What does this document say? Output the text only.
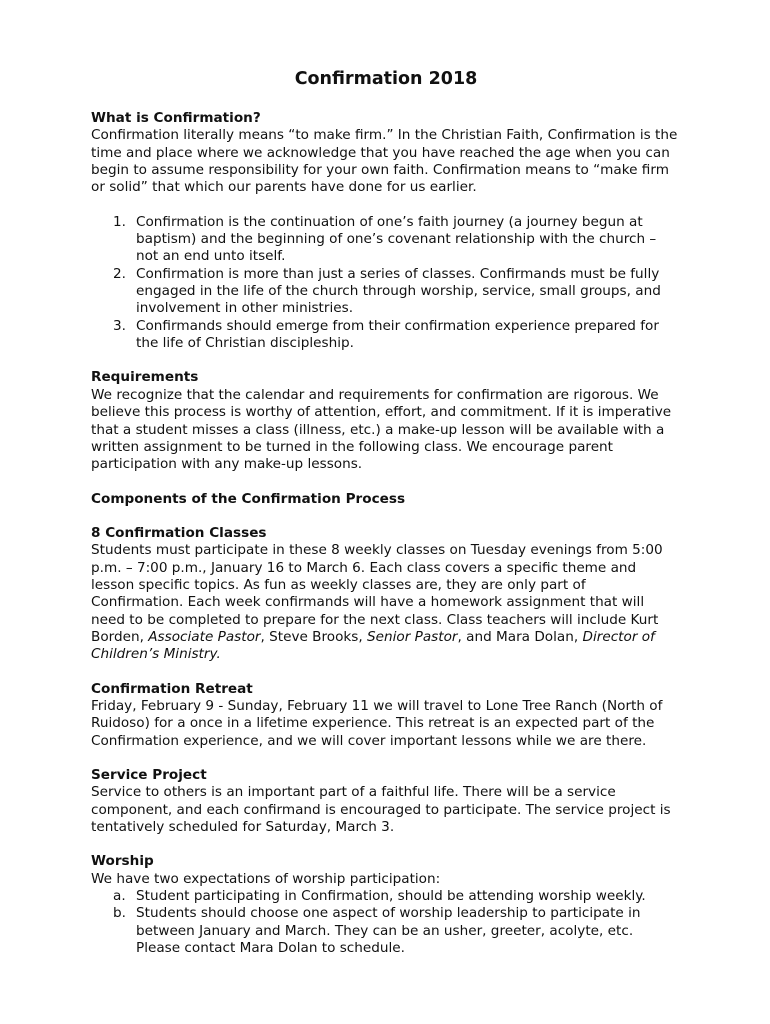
Confirmation 2018

What is Confirmation?

Confirmation literally means “to make firm.” In the Christian Faith, Confirmation is the time and place where we acknowledge that you have reached the age when you can begin to assume responsibility for your own faith. Confirmation means to “make firm or solid” that which our parents have done for us earlier.

1. Confirmation is the continuation of one’s faith journey (a journey begun at baptism) and the beginning of one’s covenant relationship with the church – not an end unto itself.
2. Confirmation is more than just a series of classes. Confirmands must be fully engaged in the life of the church through worship, service, small groups, and involvement in other ministries.
3. Confirmands should emerge from their confirmation experience prepared for the life of Christian discipleship.

Requirements

We recognize that the calendar and requirements for confirmation are rigorous. We believe this process is worthy of attention, effort, and commitment. If it is imperative that a student misses a class (illness, etc.) a make-up lesson will be available with a written assignment to be turned in the following class. We encourage parent participation with any make-up lessons.

Components of the Confirmation Process

8 Confirmation Classes

Students must participate in these 8 weekly classes on Tuesday evenings from 5:00 p.m. – 7:00 p.m., January 16 to March 6. Each class covers a specific theme and lesson specific topics. As fun as weekly classes are, they are only part of Confirmation. Each week confirmands will have a homework assignment that will need to be completed to prepare for the next class. Class teachers will include Kurt Borden, Associate Pastor, Steve Brooks, Senior Pastor, and Mara Dolan, Director of Children’s Ministry.

Confirmation Retreat

Friday, February 9 - Sunday, February 11 we will travel to Lone Tree Ranch (North of Ruidoso) for a once in a lifetime experience. This retreat is an expected part of the Confirmation experience, and we will cover important lessons while we are there.

Service Project

Service to others is an important part of a faithful life. There will be a service component, and each confirmand is encouraged to participate. The service project is tentatively scheduled for Saturday, March 3.

Worship

We have two expectations of worship participation:

a. Student participating in Confirmation, should be attending worship weekly.
b. Students should choose one aspect of worship leadership to participate in between January and March. They can be an usher, greeter, acolyte, etc. Please contact Mara Dolan to schedule.
